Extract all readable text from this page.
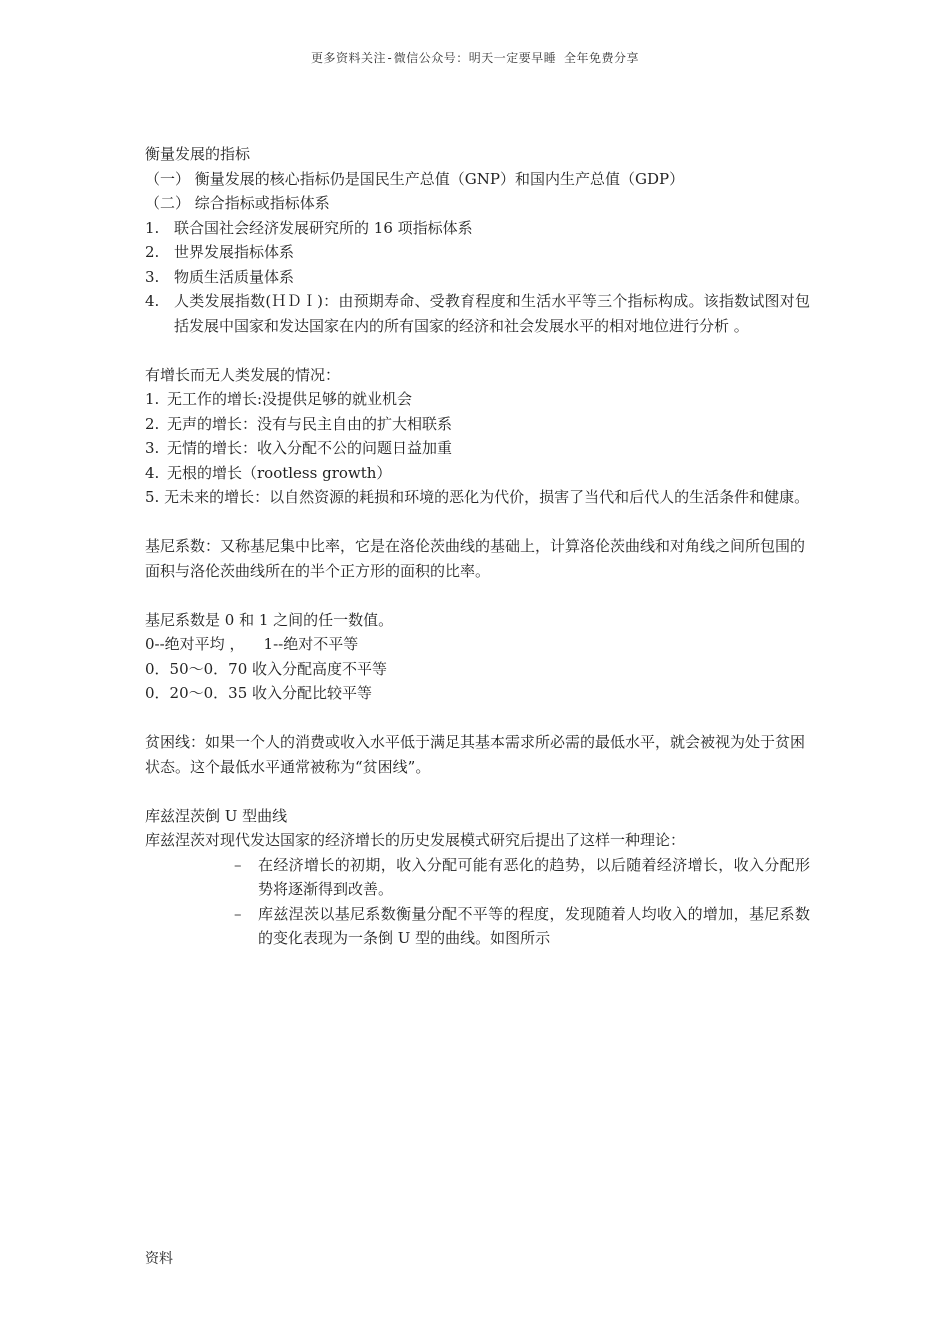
更多资料关注-微信公众号：明天一定要早睡 全年免费分享
衡量发展的指标
（一） 衡量发展的核心指标仍是国民生产总值（GNP）和国内生产总值（GDP）
（二） 综合指标或指标体系
1. 联合国社会经济发展研究所的 16 项指标体系
2. 世界发展指标体系
3. 物质生活质量体系
4. 人类发展指数(ＨＤＩ)：由预期寿命、受教育程度和生活水平等三个指标构成。该指数试图对包括发展中国家和发达国家在内的所有国家的经济和社会发展水平的相对地位进行分析 。
有增长而无人类发展的情况：
1. 无工作的增长:没提供足够的就业机会
2. 无声的增长：没有与民主自由的扩大相联系
3. 无情的增长：收入分配不公的问题日益加重
4. 无根的增长（rootless growth）
5. 无未来的增长：以自然资源的耗损和环境的恶化为代价，损害了当代和后代人的生活条件和健康。
基尼系数：又称基尼集中比率，它是在洛伦茨曲线的基础上，计算洛伦茨曲线和对角线之间所包围的面积与洛伦茨曲线所在的半个正方形的面积的比率。
基尼系数是 0 和 1 之间的任一数值。
0--绝对平均 ，    1--绝对不平等
0．50～0．70 收入分配高度不平等
0．20～0．35 收入分配比较平等
贫困线：如果一个人的消费或收入水平低于满足其基本需求所必需的最低水平，就会被视为处于贫困状态。这个最低水平通常被称为“贫困线”。
库兹涅茨倒 U 型曲线
库兹涅茨对现代发达国家的经济增长的历史发展模式研究后提出了这样一种理论：
–	在经济增长的初期，收入分配可能有恶化的趋势，以后随着经济增长，收入分配形势将逐渐得到改善。
–	库兹涅茨以基尼系数衡量分配不平等的程度，发现随着人均收入的增加，基尼系数的变化表现为一条倒 U 型的曲线。如图所示
资料
